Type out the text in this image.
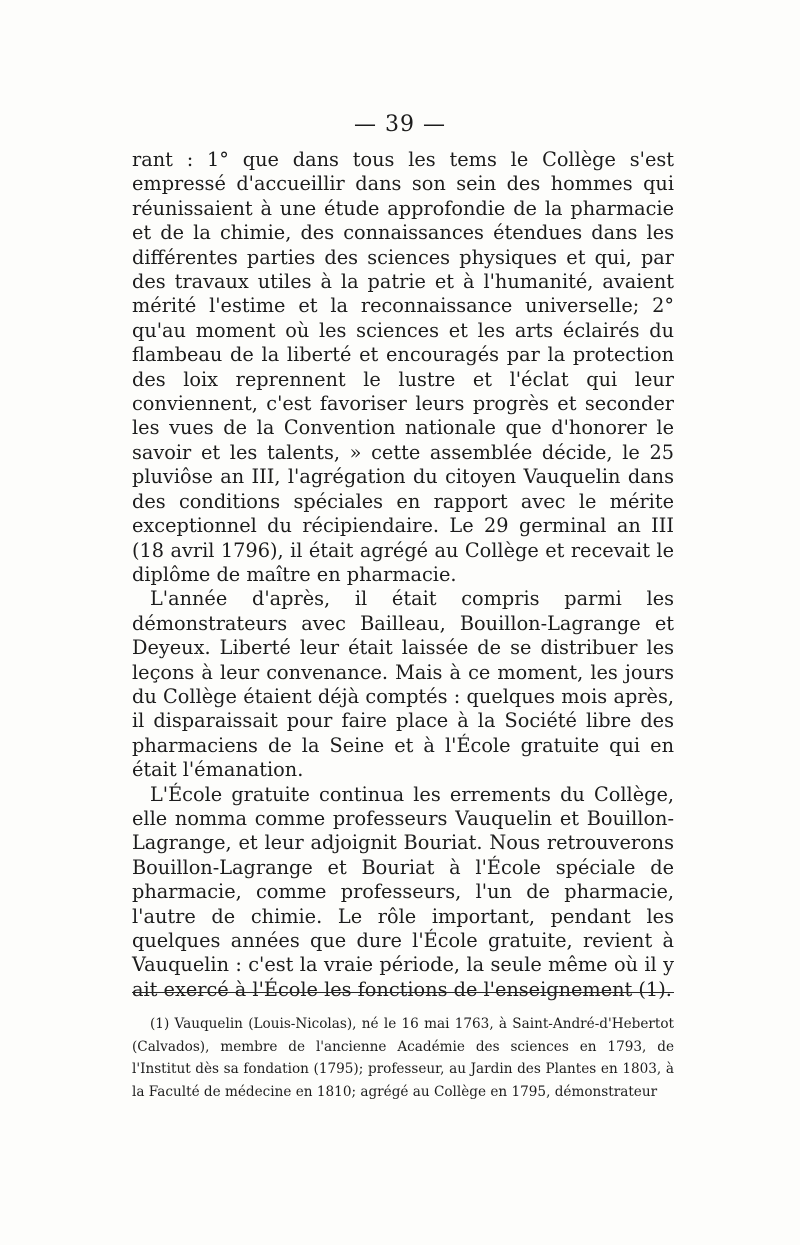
— 39 —

rant : 1° que dans tous les tems le Collège s'est empressé d'accueillir dans son sein des hommes qui réunissaient à une étude approfondie de la pharmacie et de la chimie, des connaissances étendues dans les différentes parties des sciences physiques et qui, par des travaux utiles à la patrie et à l'humanité, avaient mérité l'estime et la reconnaissance universelle; 2° qu'au moment où les sciences et les arts éclairés du flambeau de la liberté et encouragés par la protection des loix reprennent le lustre et l'éclat qui leur conviennent, c'est favoriser leurs progrès et seconder les vues de la Convention nationale que d'honorer le savoir et les talents, » cette assemblée décide, le 25 pluviôse an III, l'agrégation du citoyen Vauquelin dans des conditions spéciales en rapport avec le mérite exceptionnel du récipiendaire. Le 29 germinal an III (18 avril 1796), il était agrégé au Collège et recevait le diplôme de maître en pharmacie.

L'année d'après, il était compris parmi les démonstrateurs avec Bailleau, Bouillon-Lagrange et Deyeux. Liberté leur était laissée de se distribuer les leçons à leur convenance. Mais à ce moment, les jours du Collège étaient déjà comptés : quelques mois après, il disparaissait pour faire place à la Société libre des pharmaciens de la Seine et à l'École gratuite qui en était l'émanation.

L'École gratuite continua les errements du Collège, elle nomma comme professeurs Vauquelin et Bouillon-Lagrange, et leur adjoignit Bouriat. Nous retrouverons Bouillon-Lagrange et Bouriat à l'École spéciale de pharmacie, comme professeurs, l'un de pharmacie, l'autre de chimie. Le rôle important, pendant les quelques années que dure l'École gratuite, revient à Vauquelin : c'est la vraie période, la seule même où il y ait exercé à l'École les fonctions de l'enseignement (1).

(1) Vauquelin (Louis-Nicolas), né le 16 mai 1763, à Saint-André-d'Hebertot (Calvados), membre de l'ancienne Académie des sciences en 1793, de l'Institut dès sa fondation (1795); professeur, au Jardin des Plantes en 1803, à la Faculté de médecine en 1810; agrégé au Collège en 1795, démonstrateur
